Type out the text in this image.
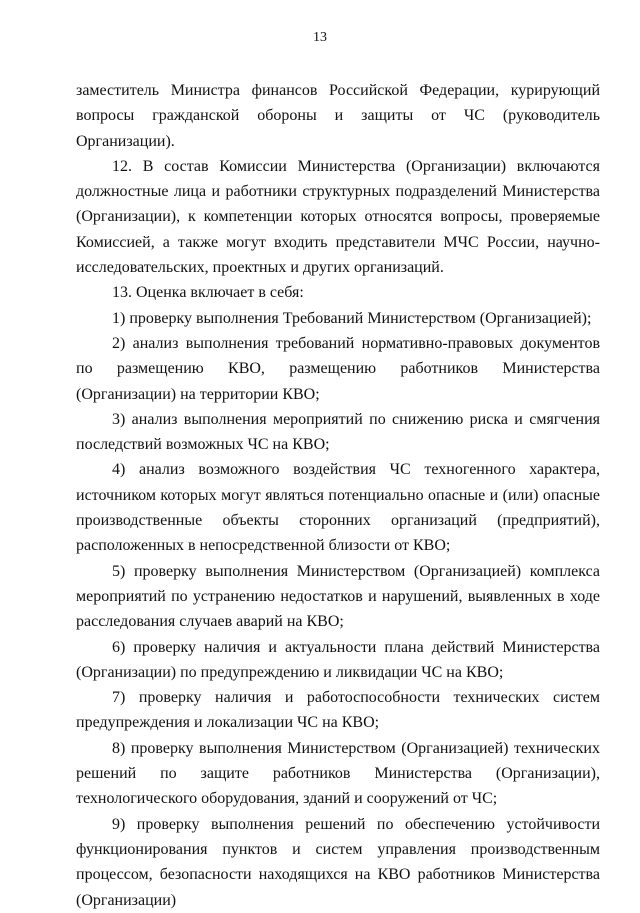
13

заместитель Министра финансов Российской Федерации, курирующий вопросы гражданской обороны и защиты от ЧС (руководитель Организации).

12. В состав Комиссии Министерства (Организации) включаются должностные лица и работники структурных подразделений Министерства (Организации), к компетенции которых относятся вопросы, проверяемые Комиссией, а также могут входить представители МЧС России, научно-исследовательских, проектных и других организаций.

13. Оценка включает в себя:

1) проверку выполнения Требований Министерством (Организацией);

2) анализ выполнения требований нормативно-правовых документов по размещению КВО, размещению работников Министерства (Организации) на территории КВО;

3) анализ выполнения мероприятий по снижению риска и смягчения последствий возможных ЧС на КВО;

4) анализ возможного воздействия ЧС техногенного характера, источником которых могут являться потенциально опасные и (или) опасные производственные объекты сторонних организаций (предприятий), расположенных в непосредственной близости от КВО;

5) проверку выполнения Министерством (Организацией) комплекса мероприятий по устранению недостатков и нарушений, выявленных в ходе расследования случаев аварий на КВО;

6) проверку наличия и актуальности плана действий Министерства (Организации) по предупреждению и ликвидации ЧС на КВО;

7) проверку наличия и работоспособности технических систем предупреждения и локализации ЧС на КВО;

8) проверку выполнения Министерством (Организацией) технических решений по защите работников Министерства (Организации), технологического оборудования, зданий и сооружений от ЧС;

9) проверку выполнения решений по обеспечению устойчивости функционирования пунктов и систем управления производственным процессом, безопасности находящихся на КВО работников Министерства (Организации)
